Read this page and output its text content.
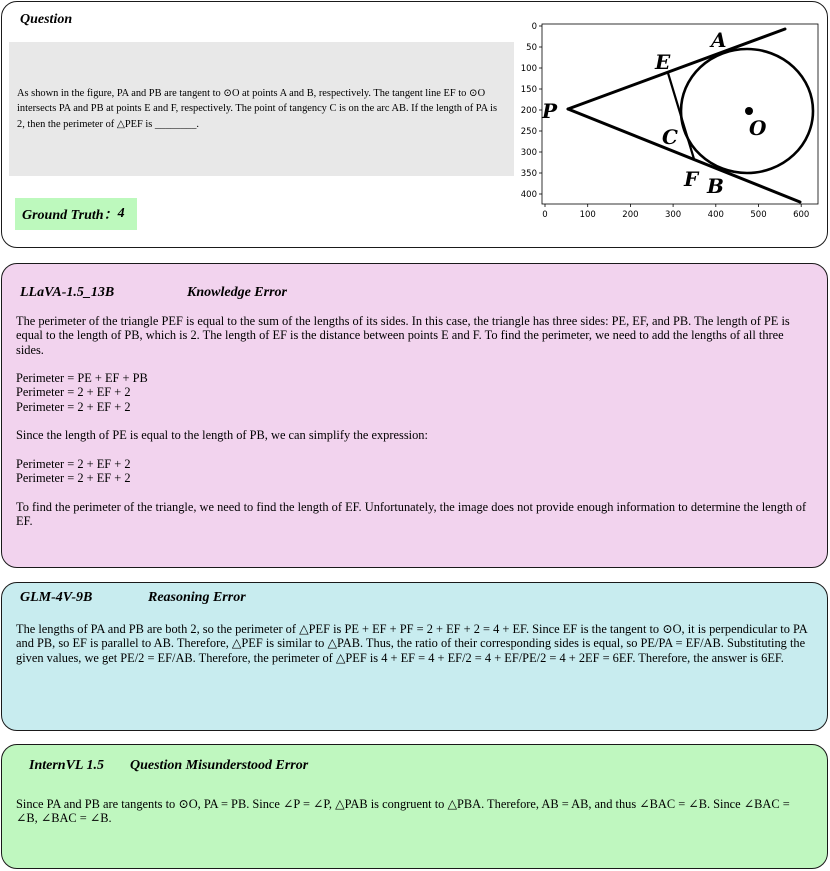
Question
As shown in the figure, PA and PB are tangent to ⊙O at points A and B, respectively. The tangent line EF to ⊙O intersects PA and PB at points E and F, respectively. The point of tangency C is on the arc AB. If the length of PA is 2, then the perimeter of △PEF is ________.
Ground Truth： 4
0
50
100
150
200
250
300
350
400
0	100	200	300	400	500	600
P
A
E
C	O
F B
LLaVA-1.5_13B	Knowledge Error

The perimeter of the triangle PEF is equal to the sum of the lengths of its sides. In this case, the triangle has three sides: PE, EF, and PB. The length of PE is equal to the length of PB, which is 2. The length of EF is the distance between points E and F. To find the perimeter, we need to add the lengths of all three sides.

Perimeter = PE + EF + PB
Perimeter = 2 + EF + 2
Perimeter = 2 + EF + 2

Since the length of PE is equal to the length of PB, we can simplify the expression:

Perimeter = 2 + EF + 2
Perimeter = 2 + EF + 2

To find the perimeter of the triangle, we need to find the length of EF. Unfortunately, the image does not provide enough information to determine the length of EF.

GLM-4V-9B	Reasoning Error

The lengths of PA and PB are both 2, so the perimeter of △PEF is PE + EF + PF = 2 + EF + 2 = 4 + EF. Since EF is the tangent to ⊙O, it is perpendicular to PA and PB, so EF is parallel to AB. Therefore, △PEF is similar to △PAB. Thus, the ratio of their corresponding sides is equal, so PE/PA = EF/AB. Substituting the given values, we get PE/2 = EF/AB. Therefore, the perimeter of △PEF is 4 + EF = 4 + EF/2 = 4 + EF/PE/2 = 4 + 2EF = 6EF. Therefore, the answer is 6EF.

InternVL 1.5 Question Misunderstood Error

Since PA and PB are tangents to ⊙O, PA = PB. Since ∠P = ∠P, △PAB is congruent to △PBA. Therefore, AB = AB, and thus ∠BAC = ∠B. Since ∠BAC = ∠B, ∠BAC = ∠B.
